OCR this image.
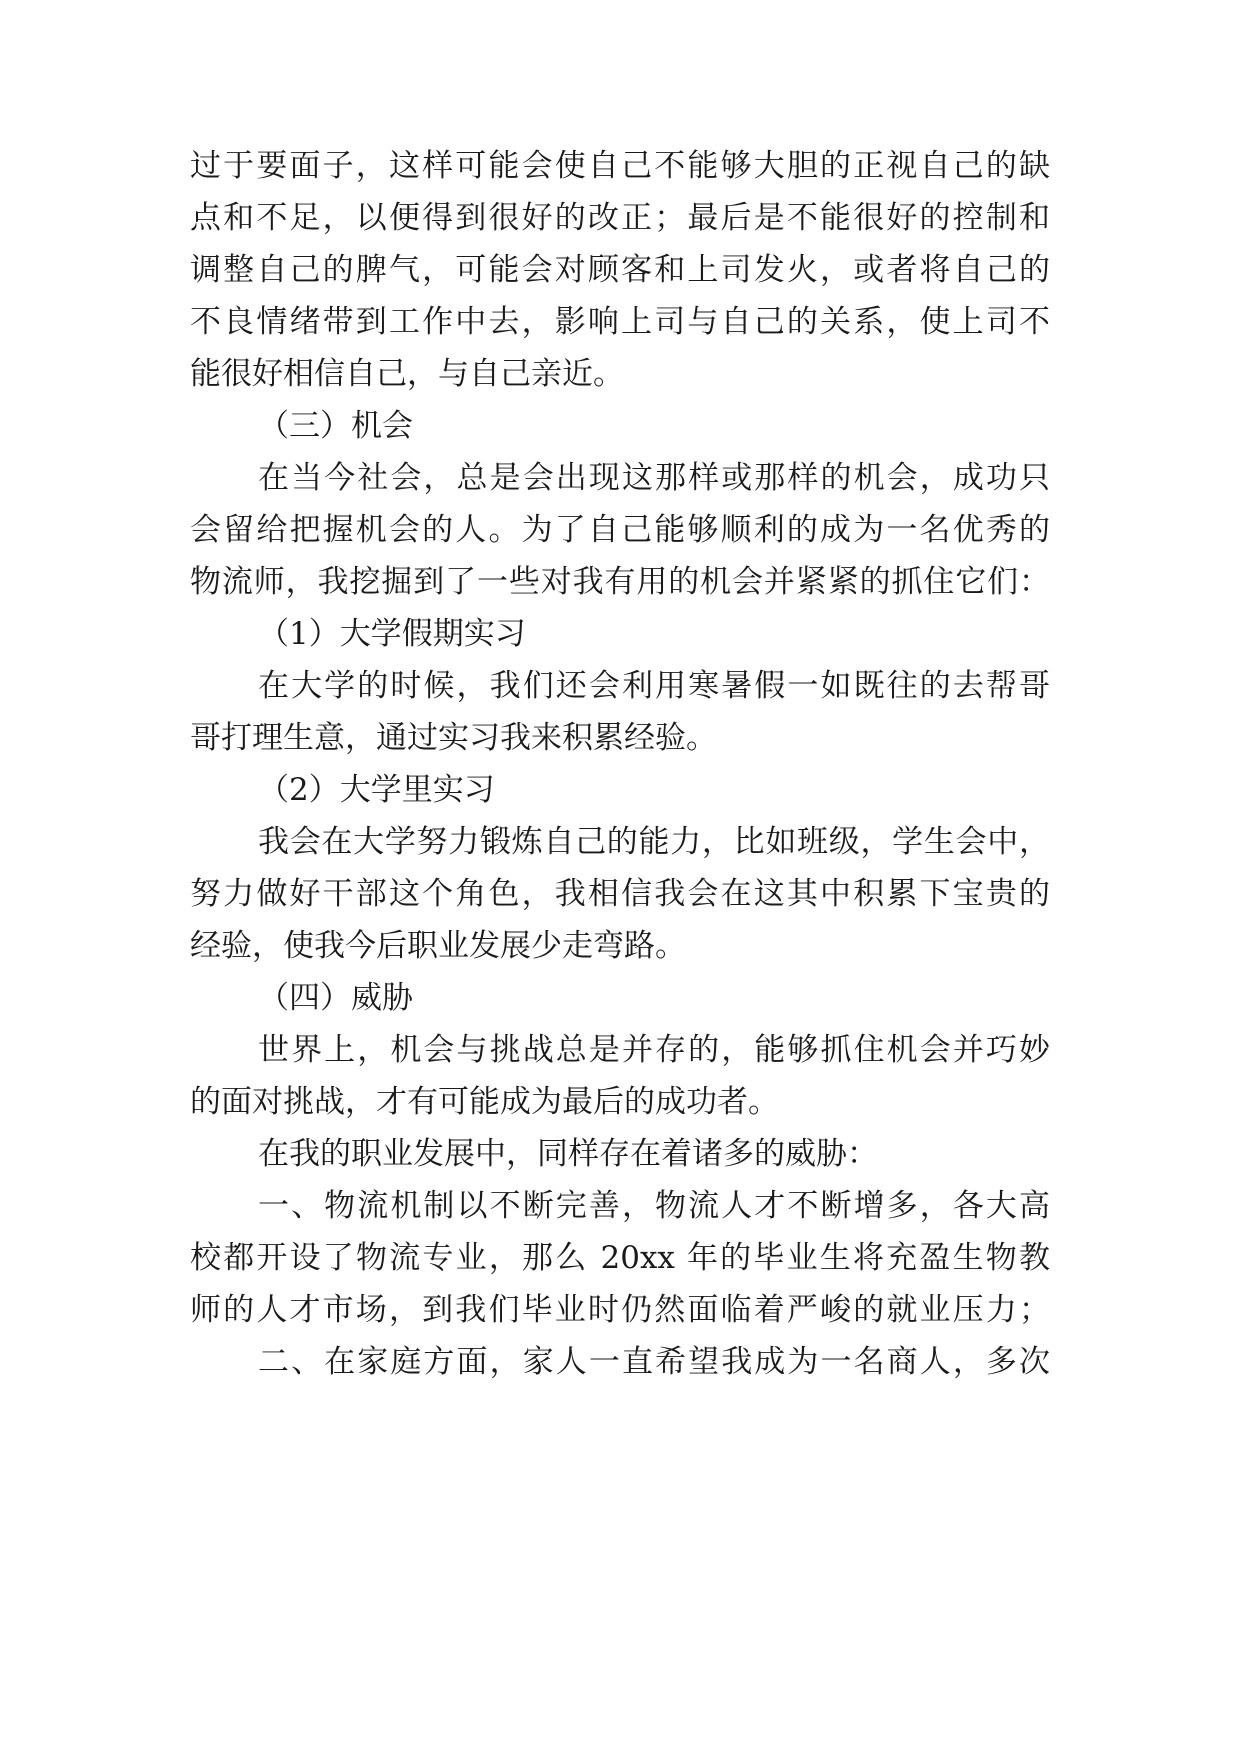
过于要面子，这样可能会使自己不能够大胆的正视自己的缺
点和不足，以便得到很好的改正；最后是不能很好的控制和
调整自己的脾气，可能会对顾客和上司发火，或者将自己的
不良情绪带到工作中去，影响上司与自己的关系，使上司不
能很好相信自己，与自己亲近。
（三）机会
在当今社会，总是会出现这那样或那样的机会，成功只
会留给把握机会的人。为了自己能够顺利的成为一名优秀的
物流师，我挖掘到了一些对我有用的机会并紧紧的抓住它们：
（1）大学假期实习
在大学的时候，我们还会利用寒暑假一如既往的去帮哥
哥打理生意，通过实习我来积累经验。
（2）大学里实习
我会在大学努力锻炼自己的能力，比如班级，学生会中，
努力做好干部这个角色，我相信我会在这其中积累下宝贵的
经验，使我今后职业发展少走弯路。
（四）威胁
世界上，机会与挑战总是并存的，能够抓住机会并巧妙
的面对挑战，才有可能成为最后的成功者。
在我的职业发展中，同样存在着诸多的威胁：
一、物流机制以不断完善，物流人才不断增多，各大高
校都开设了物流专业，那么 20xx 年的毕业生将充盈生物教
师的人才市场，到我们毕业时仍然面临着严峻的就业压力；
二、在家庭方面，家人一直希望我成为一名商人，多次
